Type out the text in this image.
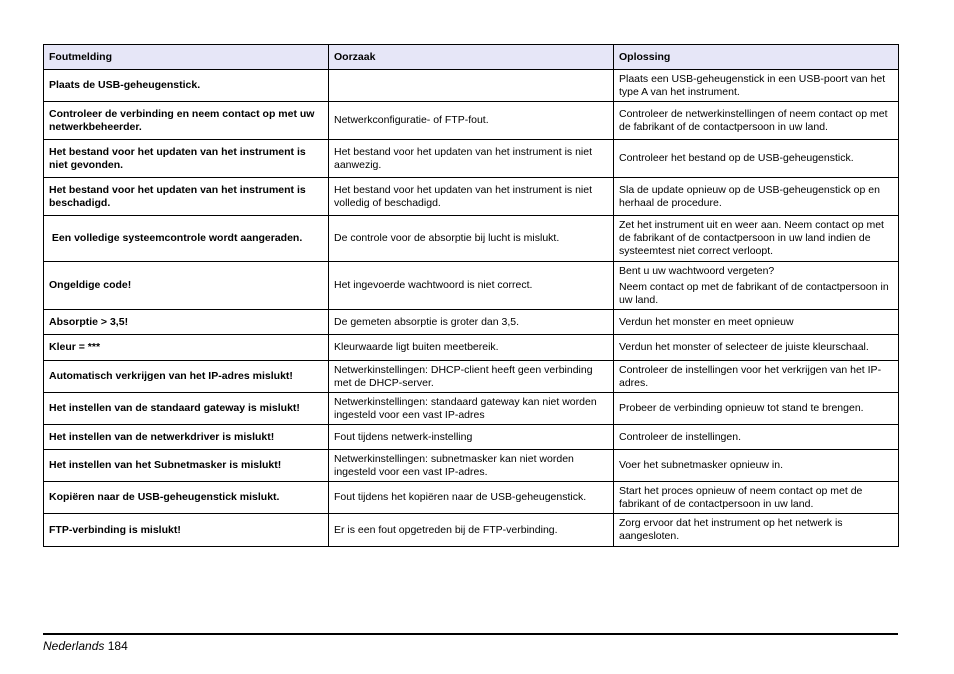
Foutmelding	Oorzaak	Oplossing
Plaats de USB-geheugenstick.		Plaats een USB-geheugenstick in een USB-poort van het type A van het instrument.

Controleer de verbinding en neem contact op met uw netwerkbeheerder.	Netwerkconfiguratie- of FTP-fout.	Controleer de netwerkinstellingen of neem contact op met de fabrikant of de contactpersoon in uw land.

Het bestand voor het updaten van het instrument is niet gevonden.	Het bestand voor het updaten van het instrument is niet aanwezig.	Controleer het bestand op de USB-geheugenstick.

Het bestand voor het updaten van het instrument is beschadigd.	Het bestand voor het updaten van het instrument is niet volledig of beschadigd.	Sla de update opnieuw op de USB-geheugenstick op en herhaal de procedure.

Een volledige systeemcontrole wordt aangeraden.	De controle voor de absorptie bij lucht is mislukt.	Zet het instrument uit en weer aan. Neem contact op met de fabrikant of de contactpersoon in uw land indien de systeemtest niet correct verloopt.

Ongeldige code!	Het ingevoerde wachtwoord is niet correct.	Bent u uw wachtwoord vergeten?

Neem contact op met de fabrikant of de contactpersoon in uw land.

Absorptie > 3,5!	De gemeten absorptie is groter dan 3,5.	Verdun het monster en meet opnieuw

Kleur = ***	Kleurwaarde ligt buiten meetbereik.	Verdun het monster of selecteer de juiste kleurschaal.

Automatisch verkrijgen van het IP-adres mislukt!	Netwerkinstellingen: DHCP-client heeft geen verbinding met de DHCP-server.	Controleer de instellingen voor het verkrijgen van het IP-adres.

Het instellen van de standaard gateway is mislukt!	Netwerkinstellingen: standaard gateway kan niet worden ingesteld voor een vast IP-adres	Probeer de verbinding opnieuw tot stand te brengen.

Het instellen van de netwerkdriver is mislukt!	Fout tijdens netwerk-instelling	Controleer de instellingen.

Het instellen van het Subnetmasker is mislukt!	Netwerkinstellingen: subnetmasker kan niet worden ingesteld voor een vast IP-adres.	Voer het subnetmasker opnieuw in.

Kopiëren naar de USB-geheugenstick mislukt.	Fout tijdens het kopiëren naar de USB-geheugenstick.	Start het proces opnieuw of neem contact op met de fabrikant of de contactpersoon in uw land.

FTP-verbinding is mislukt!	Er is een fout opgetreden bij de FTP-verbinding.	Zorg ervoor dat het instrument op het netwerk is aangesloten.

Nederlands 184
